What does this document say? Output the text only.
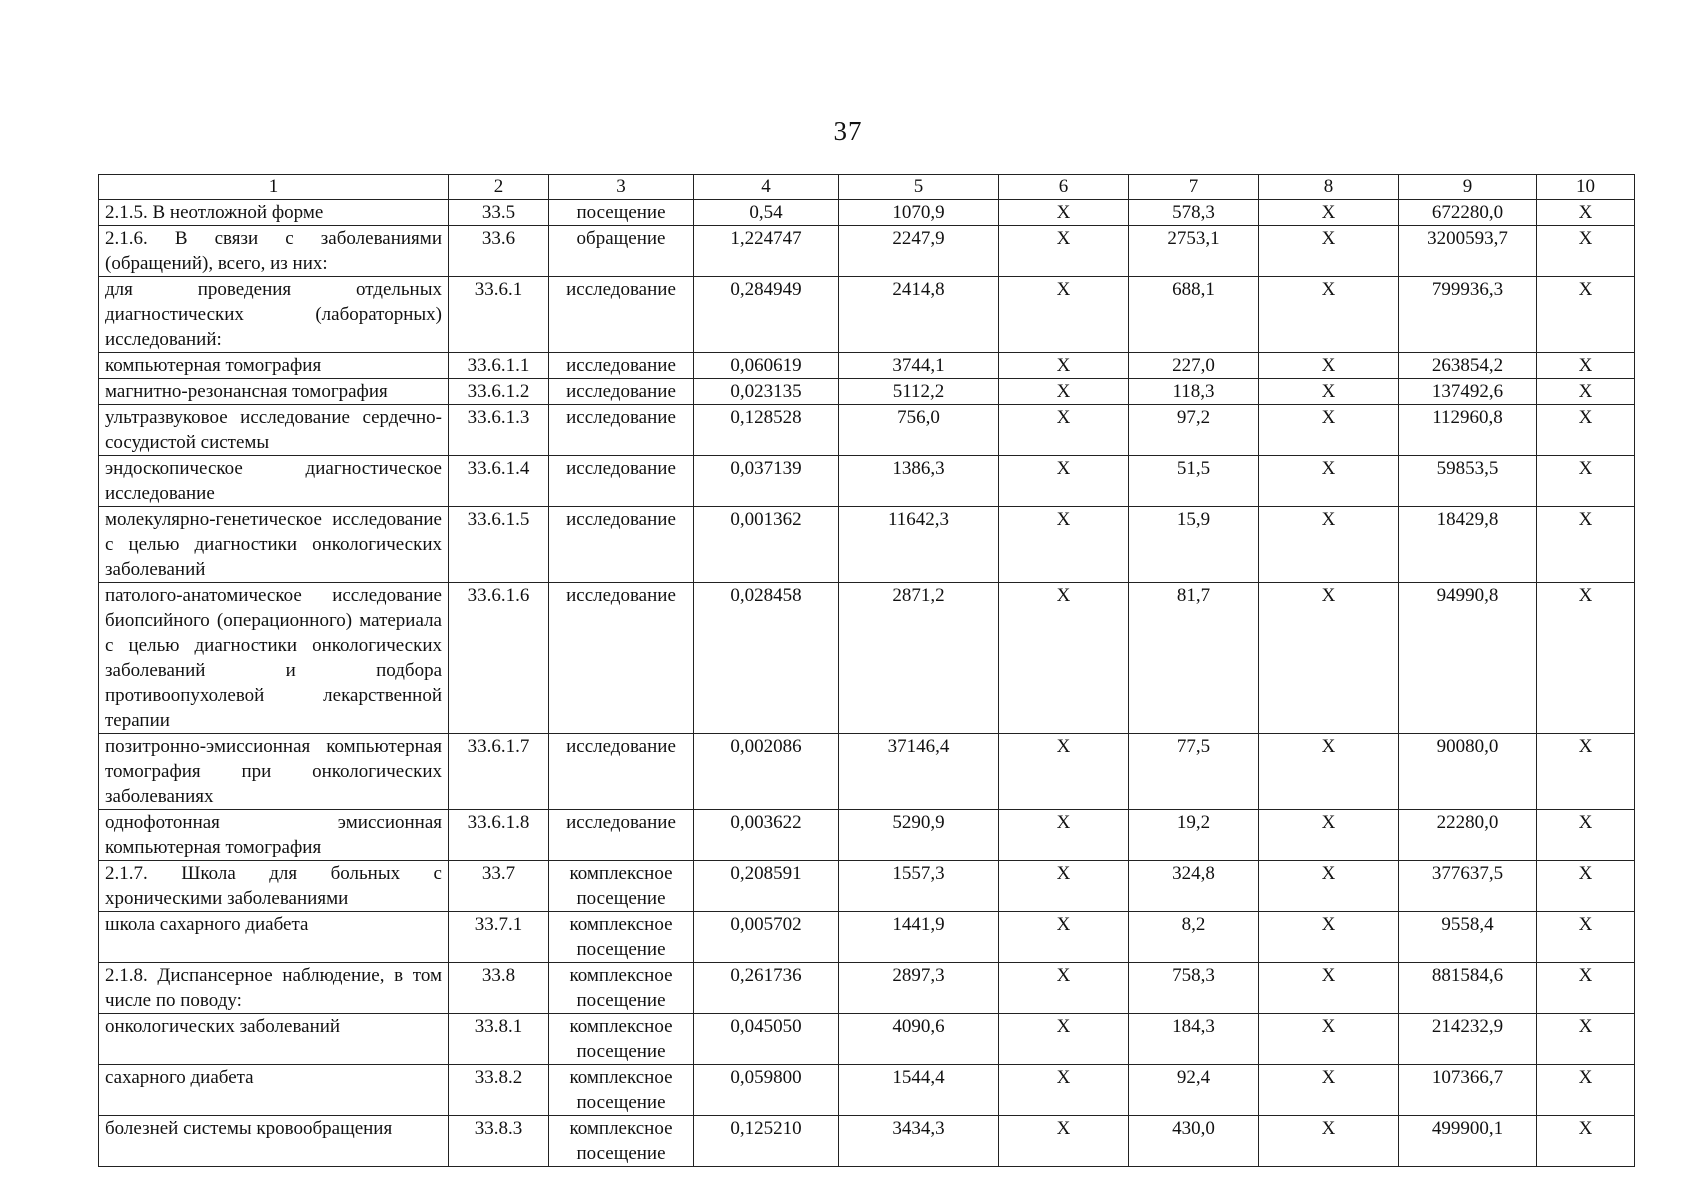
37
1	2	3	4	5	6	7	8	9	10
2.1.5. В неотложной форме	33.5	посещение	0,54	1070,9	X	578,3	X	672280,0	X
2.1.6. В связи с заболеваниями (обращений), всего, из них:	33.6	обращение	1,224747	2247,9	X	2753,1	X	3200593,7	X
для проведения отдельных диагностических (лабораторных) исследований:	33.6.1	исследование	0,284949	2414,8	X	688,1	X	799936,3	X
компьютерная томография	33.6.1.1	исследование	0,060619	3744,1	X	227,0	X	263854,2	X
магнитно-резонансная томография	33.6.1.2	исследование	0,023135	5112,2	X	118,3	X	137492,6	X
ультразвуковое исследование сердечно-сосудистой системы	33.6.1.3	исследование	0,128528	756,0	X	97,2	X	112960,8	X
эндоскопическое диагностическое исследование	33.6.1.4	исследование	0,037139	1386,3	X	51,5	X	59853,5	X
молекулярно-генетическое исследование с целью диагностики онкологических заболеваний	33.6.1.5	исследование	0,001362	11642,3	X	15,9	X	18429,8	X
патолого-анатомическое исследование биопсийного (операционного) материала с целью диагностики онкологических заболеваний и подбора противоопухолевой лекарственной терапии	33.6.1.6	исследование	0,028458	2871,2	X	81,7	X	94990,8	X
позитронно-эмиссионная компьютерная томография при онкологических заболеваниях	33.6.1.7	исследование	0,002086	37146,4	X	77,5	X	90080,0	X
однофотонная эмиссионная компьютерная томография	33.6.1.8	исследование	0,003622	5290,9	X	19,2	X	22280,0	X
2.1.7. Школа для больных с хроническими заболеваниями	33.7	комплексное посещение	0,208591	1557,3	X	324,8	X	377637,5	X
школа сахарного диабета	33.7.1	комплексное посещение	0,005702	1441,9	X	8,2	X	9558,4	X
2.1.8. Диспансерное наблюдение, в том числе по поводу:	33.8	комплексное посещение	0,261736	2897,3	X	758,3	X	881584,6	X
онкологических заболеваний	33.8.1	комплексное посещение	0,045050	4090,6	X	184,3	X	214232,9	X
сахарного диабета	33.8.2	комплексное посещение	0,059800	1544,4	X	92,4	X	107366,7	X
болезней системы кровообращения	33.8.3	комплексное посещение	0,125210	3434,3	X	430,0	X	499900,1	X
